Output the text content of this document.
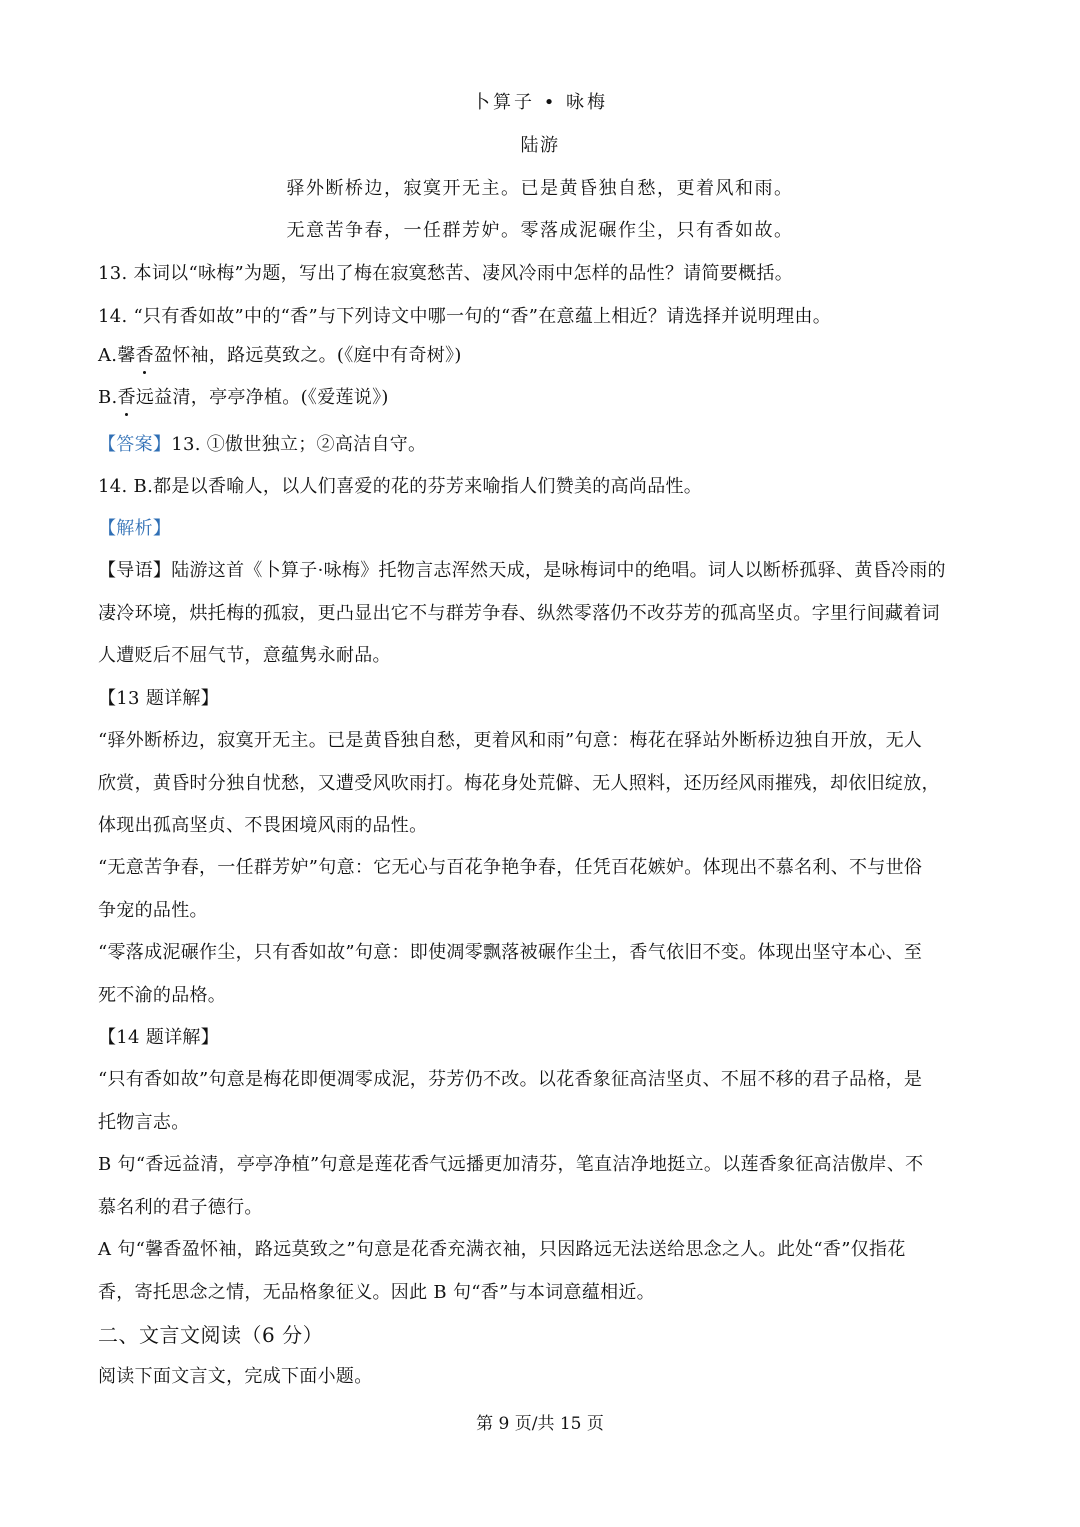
卜算子 • 咏梅
陆游
驿外断桥边，寂寞开无主。已是黄昏独自愁，更着风和雨。
无意苦争春，一任群芳妒。零落成泥碾作尘，只有香如故。
13. 本词以“咏梅”为题，写出了梅在寂寞愁苦、凄风冷雨中怎样的品性？请简要概括。
14. “只有香如故”中的“香”与下列诗文中哪一句的“香”在意蕴上相近？请选择并说明理由。
A.馨香盈怀袖，路远莫致之。(《庭中有奇树》)
B.香远益清，亭亭净植。(《爱莲说》)
【答案】13. ①傲世独立；②高洁自守。
14. B.都是以香喻人，以人们喜爱的花的芬芳来喻指人们赞美的高尚品性。
【解析】
【导语】陆游这首《卜算子·咏梅》托物言志浑然天成，是咏梅词中的绝唱。词人以断桥孤驿、黄昏冷雨的
凄冷环境，烘托梅的孤寂，更凸显出它不与群芳争春、纵然零落仍不改芬芳的孤高坚贞。字里行间藏着词
人遭贬后不屈气节，意蕴隽永耐品。
【13 题详解】
“驿外断桥边，寂寞开无主。已是黄昏独自愁，更着风和雨”句意：梅花在驿站外断桥边独自开放，无人
欣赏，黄昏时分独自忧愁，又遭受风吹雨打。梅花身处荒僻、无人照料，还历经风雨摧残，却依旧绽放，
体现出孤高坚贞、不畏困境风雨的品性。
“无意苦争春，一任群芳妒”句意：它无心与百花争艳争春，任凭百花嫉妒。体现出不慕名利、不与世俗
争宠的品性。
“零落成泥碾作尘，只有香如故”句意：即使凋零飘落被碾作尘土，香气依旧不变。体现出坚守本心、至
死不渝的品格。
【14 题详解】
“只有香如故”句意是梅花即便凋零成泥，芬芳仍不改。以花香象征高洁坚贞、不屈不移的君子品格，是
托物言志。
B 句“香远益清，亭亭净植”句意是莲花香气远播更加清芬，笔直洁净地挺立。以莲香象征高洁傲岸、不
慕名利的君子德行。
A 句“馨香盈怀袖，路远莫致之”句意是花香充满衣袖，只因路远无法送给思念之人。此处“香”仅指花
香，寄托思念之情，无品格象征义。因此 B 句“香”与本词意蕴相近。
二、文言文阅读（6 分）
阅读下面文言文，完成下面小题。
第 9 页/共 15 页
